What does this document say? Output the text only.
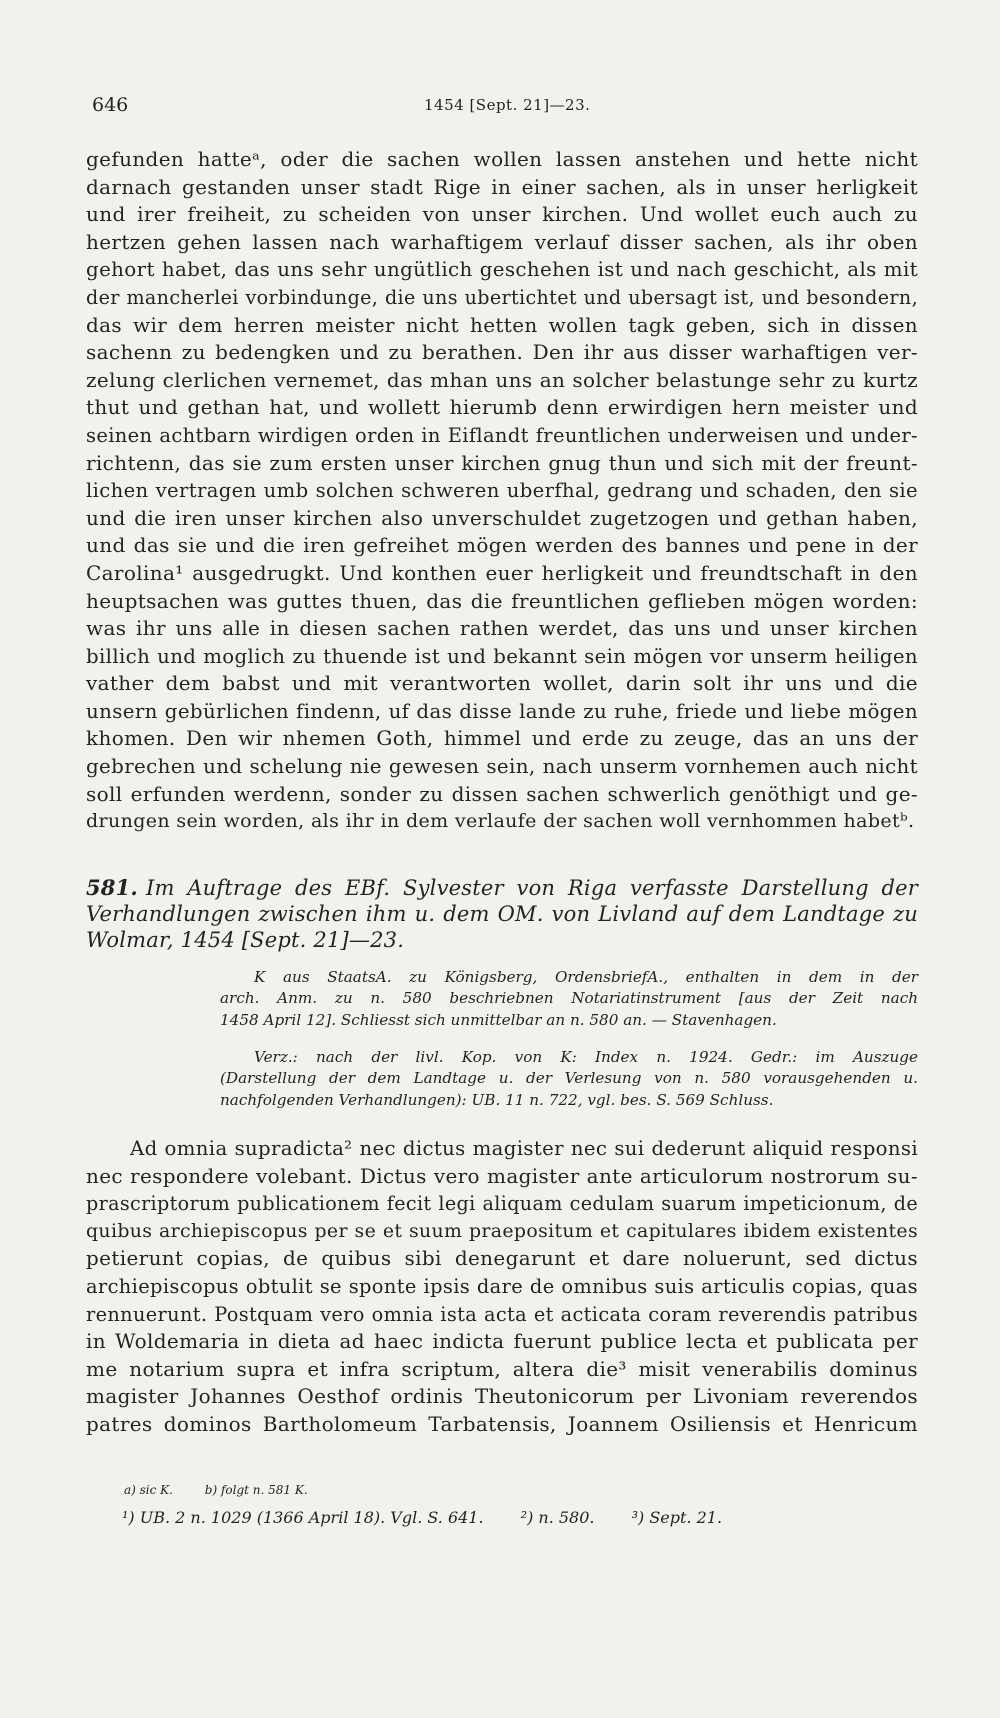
646	1454 [Sept. 21]—23.
gefunden hatteᵃ, oder die sachen wollen lassen anstehen und hette nicht
darnach gestanden unser stadt Rige in einer sachen, als in unser herligkeit
und irer freiheit, zu scheiden von unser kirchen. Und wollet euch auch zu
hertzen gehen lassen nach warhaftigem verlauf disser sachen, als ihr oben
gehort habet, das uns sehr ungütlich geschehen ist und nach geschicht, als mit
der mancherlei vorbindunge, die uns ubertichtet und ubersagt ist, und besondern,
das wir dem herren meister nicht hetten wollen tagk geben, sich in dissen
sachenn zu bedengken und zu berathen. Den ihr aus disser warhaftigen ver-
zelung clerlichen vernemet, das mhan uns an solcher belastunge sehr zu kurtz
thut und gethan hat, und wollett hierumb denn erwirdigen hern meister und
seinen achtbarn wirdigen orden in Eiflandt freuntlichen underweisen und under-
richtenn, das sie zum ersten unser kirchen gnug thun und sich mit der freunt-
lichen vertragen umb solchen schweren uberfhal, gedrang und schaden, den sie
und die iren unser kirchen also unverschuldet zugetzogen und gethan haben,
und das sie und die iren gefreihet mögen werden des bannes und pene in der
Carolina¹ ausgedrugkt. Und konthen euer herligkeit und freundtschaft in den
heuptsachen was guttes thuen, das die freuntlichen geflieben mögen worden:
was ihr uns alle in diesen sachen rathen werdet, das uns und unser kirchen
billich und moglich zu thuende ist und bekannt sein mögen vor unserm heiligen
vather dem babst und mit verantworten wollet, darin solt ihr uns und die
unsern gebürlichen findenn, uf das disse lande zu ruhe, friede und liebe mögen
khomen. Den wir nhemen Goth, himmel und erde zu zeuge, das an uns der
gebrechen und schelung nie gewesen sein, nach unserm vornhemen auch nicht
soll erfunden werdenn, sonder zu dissen sachen schwerlich genöthigt und ge-
drungen sein worden, als ihr in dem verlaufe der sachen woll vernhommen habetᵇ.
581. Im Auftrage des EBf. Sylvester von Riga verfasste Darstellung der
Verhandlungen zwischen ihm u. dem OM. von Livland auf dem Landtage zu
Wolmar, 1454 [Sept. 21]—23.
K aus StaatsA. zu Königsberg, OrdensbriefA., enthalten in dem in der
arch. Anm. zu n. 580 beschriebnen Notariatinstrument [aus der Zeit nach
1458 April 12]. Schliesst sich unmittelbar an n. 580 an. — Stavenhagen.
Verz.: nach der livl. Kop. von K: Index n. 1924. Gedr.: im Auszuge
(Darstellung der dem Landtage u. der Verlesung von n. 580 vorausgehenden u.
nachfolgenden Verhandlungen): UB. 11 n. 722, vgl. bes. S. 569 Schluss.
Ad omnia supradicta² nec dictus magister nec sui dederunt aliquid responsi
nec respondere volebant. Dictus vero magister ante articulorum nostrorum su-
prascriptorum publicationem fecit legi aliquam cedulam suarum impeticionum, de
quibus archiepiscopus per se et suum praepositum et capitulares ibidem existentes
petierunt copias, de quibus sibi denegarunt et dare noluerunt, sed dictus
archiepiscopus obtulit se sponte ipsis dare de omnibus suis articulis copias, quas
rennuerunt. Postquam vero omnia ista acta et acticata coram reverendis patribus
in Woldemaria in dieta ad haec indicta fuerunt publice lecta et publicata per
me notarium supra et infra scriptum, altera die³ misit venerabilis dominus
magister Johannes Oesthof ordinis Theutonicorum per Livoniam reverendos
patres dominos Bartholomeum Tarbatensis, Joannem Osiliensis et Henricum
a) sic K.	b) folgt n. 581 K.
¹) UB. 2 n. 1029 (1366 April 18). Vgl. S. 641. ²) n. 580. ³) Sept. 21.
